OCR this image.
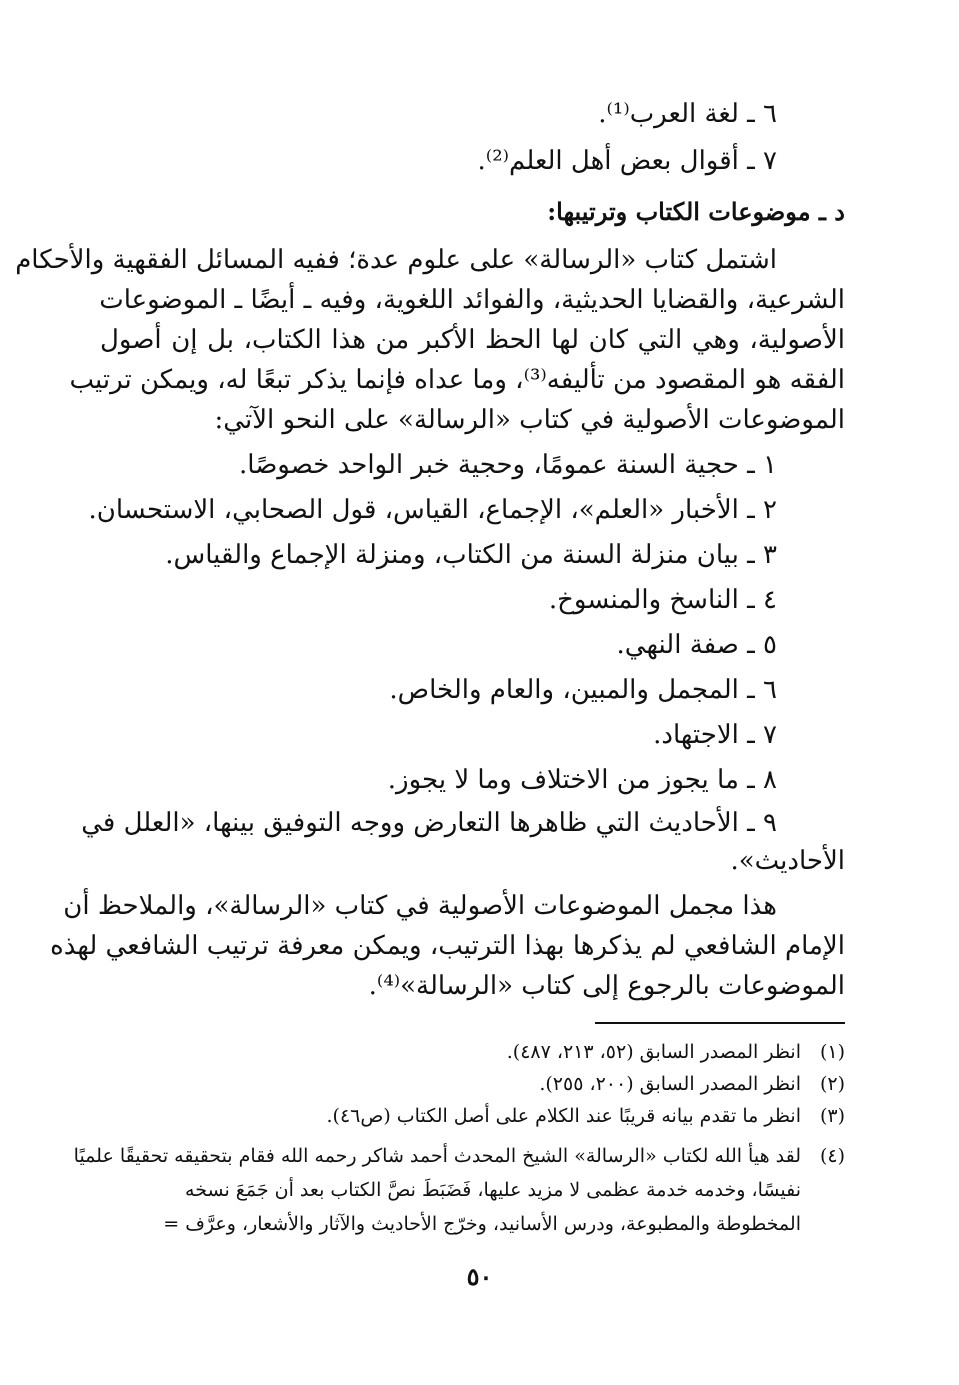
٦ ـ لغة العرب⁽¹⁾.
٧ ـ أقوال بعض أهل العلم⁽²⁾.
د ـ موضوعات الكتاب وترتيبها:
اشتمل كتاب «الرسالة» على علوم عدة؛ ففيه المسائل الفقهية والأحكام
الشرعية، والقضايا الحديثية، والفوائد اللغوية، وفيه ـ أيضًا ـ الموضوعات
الأصولية، وهي التي كان لها الحظ الأكبر من هذا الكتاب، بل إن أصول
الفقه هو المقصود من تأليفه⁽³⁾، وما عداه فإنما يذكر تبعًا له، ويمكن ترتيب
الموضوعات الأصولية في كتاب «الرسالة» على النحو الآتي:
١ ـ حجية السنة عمومًا، وحجية خبر الواحد خصوصًا.
٢ ـ الأخبار «العلم»، الإجماع، القياس، قول الصحابي، الاستحسان.
٣ ـ بيان منزلة السنة من الكتاب، ومنزلة الإجماع والقياس.
٤ ـ الناسخ والمنسوخ.
٥ ـ صفة النهي.
٦ ـ المجمل والمبين، والعام والخاص.
٧ ـ الاجتهاد.
٨ ـ ما يجوز من الاختلاف وما لا يجوز.
٩ ـ الأحاديث التي ظاهرها التعارض ووجه التوفيق بينها، «العلل في
الأحاديث».
هذا مجمل الموضوعات الأصولية في كتاب «الرسالة»، والملاحظ أن
الإمام الشافعي لم يذكرها بهذا الترتيب، ويمكن معرفة ترتيب الشافعي لهذه
الموضوعات بالرجوع إلى كتاب «الرسالة»⁽⁴⁾.
(١)انظر المصدر السابق (٥٢، ٢١٣، ٤٨٧).
(٢)انظر المصدر السابق (٢٠٠، ٢٥٥).
(٣)انظر ما تقدم بيانه قريبًا عند الكلام على أصل الكتاب (ص٤٦).
(٤)لقد هيأ الله لكتاب «الرسالة» الشيخ المحدث أحمد شاكر رحمه الله فقام بتحقيقه تحقيقًا علميًا
نفيسًا، وخدمه خدمة عظمى لا مزيد عليها، فَضَبَطَ نصَّ الكتاب بعد أن جَمَعَ نسخه
المخطوطة والمطبوعة، ودرس الأسانيد، وخرّج الأحاديث والآثار والأشعار، وعرَّف =
٥٠
